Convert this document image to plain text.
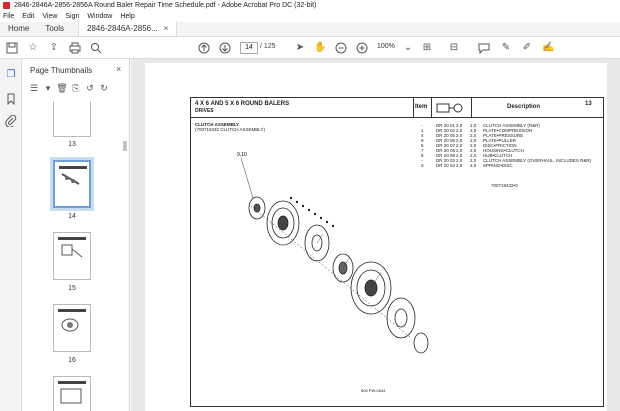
2846-2846A-2856-2856A Round Baler Repair Time Schedule.pdf - Adobe Acrobat Pro DC (32-bit)
File Edit View Sign Window Help
Home	Tools	2846-2846A-2856... ×
☆ ⇪	14	/ 125 ➤ ✋	100% ⌄ ⊞ ⊟	✎ ✐ ✍
❐ Page Thumbnails	×
☰ ▾ 🗑 ⎘ ↺ ↻
13
14
15
16
4 X 6 AND 5 X 6 ROUND BALERS
DRIVES
Item	Description	13
CLUTCH ASSEMBLY
(700719432 CLUTCH ASSEMBLY)
-	DR 20 01 2,0 1,0 CLUTCH ASSEMBLY (R&R)
1	DR 20 02 2,0 2,0 PLATE•COMPRESSION
4	DR 20 05 2,0 2,0 PLATE•PRESSURE
9	DR 20 06 2,0 2,0 PLATE•PULLER
6	DR 20 07 2,0 2,0 DISC•FRICTION
7	DR 20 08 2,0 2,0 HOUSING•CLUTCH
8	DR 20 09 2,0 2,0 HUB•CLUTCH
-	DR 20 02 2,0 2,0 CLUTCH ASSEMBLY (OVERHAUL, INCLUDES R&R)
3	DR 20 04 2,0 2,0 SPRING•DISC
700719432•0
9,10
500 PW-0644
